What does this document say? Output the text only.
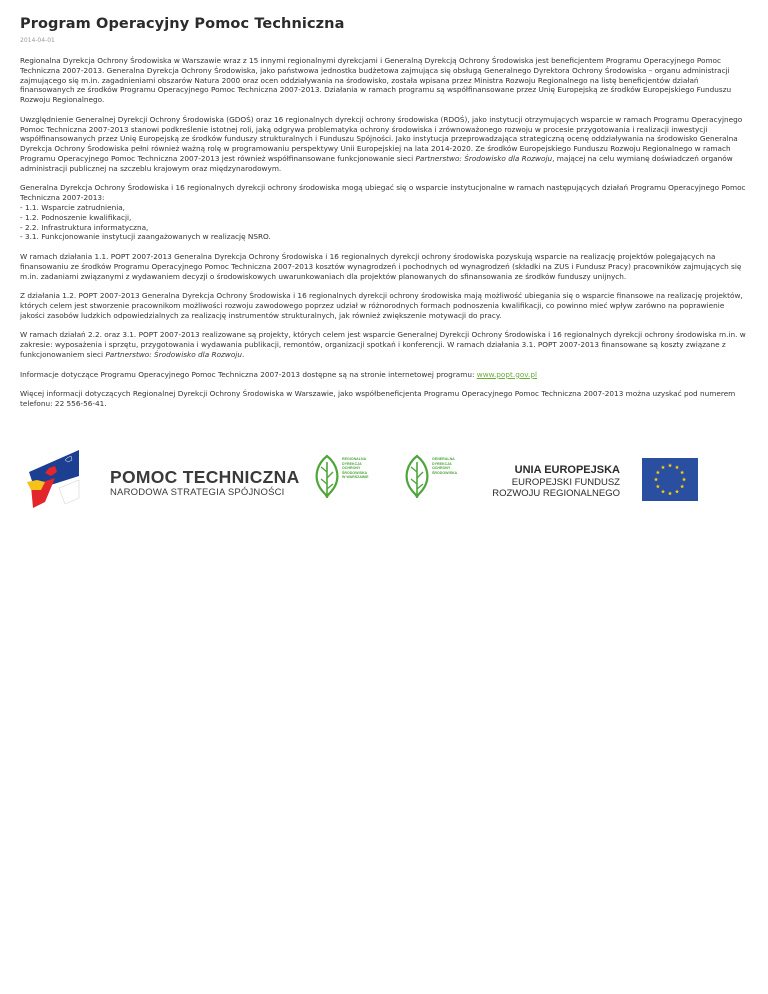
Program Operacyjny Pomoc Techniczna
2014-04-01

Regionalna Dyrekcja Ochrony Środowiska w Warszawie wraz z 15 innymi regionalnymi dyrekcjami i Generalną Dyrekcją Ochrony Środowiska jest beneficjentem Programu Operacyjnego Pomoc Techniczna 2007-2013. Generalna Dyrekcja Ochrony Środowiska, jako państwowa jednostka budżetowa zajmująca się obsługą Generalnego Dyrektora Ochrony Środowiska – organu administracji zajmującego się m.in. zagadnieniami obszarów Natura 2000 oraz ocen oddziaływania na środowisko, została wpisana przez Ministra Rozwoju Regionalnego na listę beneficjentów działań finansowanych ze środków Programu Operacyjnego Pomoc Techniczna 2007-2013. Działania w ramach programu są współfinansowane przez Unię Europejską ze środków Europejskiego Funduszu Rozwoju Regionalnego.

Uwzględnienie Generalnej Dyrekcji Ochrony Środowiska (GDOŚ) oraz 16 regionalnych dyrekcji ochrony środowiska (RDOŚ), jako instytucji otrzymujących wsparcie w ramach Programu Operacyjnego Pomoc Techniczna 2007-2013 stanowi podkreślenie istotnej roli, jaką odgrywa problematyka ochrony środowiska i zrównoważonego rozwoju w procesie przygotowania i realizacji inwestycji współfinansowanych przez Unię Europejską ze środków funduszy strukturalnych i Funduszu Spójności. Jako instytucja przeprowadzająca strategiczną ocenę oddziaływania na środowisko Generalna Dyrekcja Ochrony Środowiska pełni również ważną rolę w programowaniu perspektywy Unii Europejskiej na lata 2014-2020. Ze środków Europejskiego Funduszu Rozwoju Regionalnego w ramach Programu Operacyjnego Pomoc Techniczna 2007-2013 jest również współfinansowane funkcjonowanie sieci Partnerstwo: Środowisko dla Rozwoju, mającej na celu wymianę doświadczeń organów administracji publicznej na szczeblu krajowym oraz międzynarodowym.

Generalna Dyrekcja Ochrony Środowiska i 16 regionalnych dyrekcji ochrony środowiska mogą ubiegać się o wsparcie instytucjonalne w ramach następujących działań Programu Operacyjnego Pomoc Techniczna 2007-2013:
- 1.1. Wsparcie zatrudnienia,
- 1.2. Podnoszenie kwalifikacji,
- 2.2. Infrastruktura informatyczna,
- 3.1. Funkcjonowanie instytucji zaangażowanych w realizację NSRO.

W ramach działania 1.1. POPT 2007-2013 Generalna Dyrekcja Ochrony Środowiska i 16 regionalnych dyrekcji ochrony środowiska pozyskują wsparcie na realizację projektów polegających na finansowaniu ze środków Programu Operacyjnego Pomoc Techniczna 2007-2013 kosztów wynagrodzeń i pochodnych od wynagrodzeń (składki na ZUS i Fundusz Pracy) pracowników zajmujących się m.in. zadaniami związanymi z wydawaniem decyzji o środowiskowych uwarunkowaniach dla projektów planowanych do sfinansowania ze środków funduszy unijnych.

Z działania 1.2. POPT 2007-2013 Generalna Dyrekcja Ochrony Środowiska i 16 regionalnych dyrekcji ochrony środowiska mają możliwość ubiegania się o wsparcie finansowe na realizację projektów, których celem jest stworzenie pracownikom możliwości rozwoju zawodowego poprzez udział w różnorodnych formach podnoszenia kwalifikacji, co powinno mieć wpływ zarówno na poprawienie jakości zasobów ludzkich odpowiedzialnych za realizację instrumentów strukturalnych, jak również zwiększenie motywacji do pracy.

W ramach działań 2.2. oraz 3.1. POPT 2007-2013 realizowane są projekty, których celem jest wsparcie Generalnej Dyrekcji Ochrony Środowiska i 16 regionalnych dyrekcji ochrony środowiska m.in. w zakresie: wyposażenia i sprzętu, przygotowania i wydawania publikacji, remontów, organizacji spotkań i konferencji. W ramach działania 3.1. POPT 2007-2013 finansowane są koszty związane z funkcjonowaniem sieci Partnerstwo: Środowisko dla Rozwoju.

Informacje dotyczące Programu Operacyjnego Pomoc Techniczna 2007-2013 dostępne są na stronie internetowej programu: www.popt.gov.pl

Więcej informacji dotyczących Regionalnej Dyrekcji Ochrony Środowiska w Warszawie, jako współbeneficjenta Programu Operacyjnego Pomoc Techniczna 2007-2013 można uzyskać pod numerem telefonu: 22 556-56-41.

POMOC TECHNICZNA
NARODOWA STRATEGIA SPÓJNOŚCI
REGIONALNA
DYREKCJA
OCHRONY
ŚRODOWISKA
W WARSZAWIE
GENERALNA
DYREKCJA
OCHRONY
ŚRODOWISKA	UNIA EUROPEJSKA
EUROPEJSKI FUNDUSZ
ROZWOJU REGIONALNEGO
